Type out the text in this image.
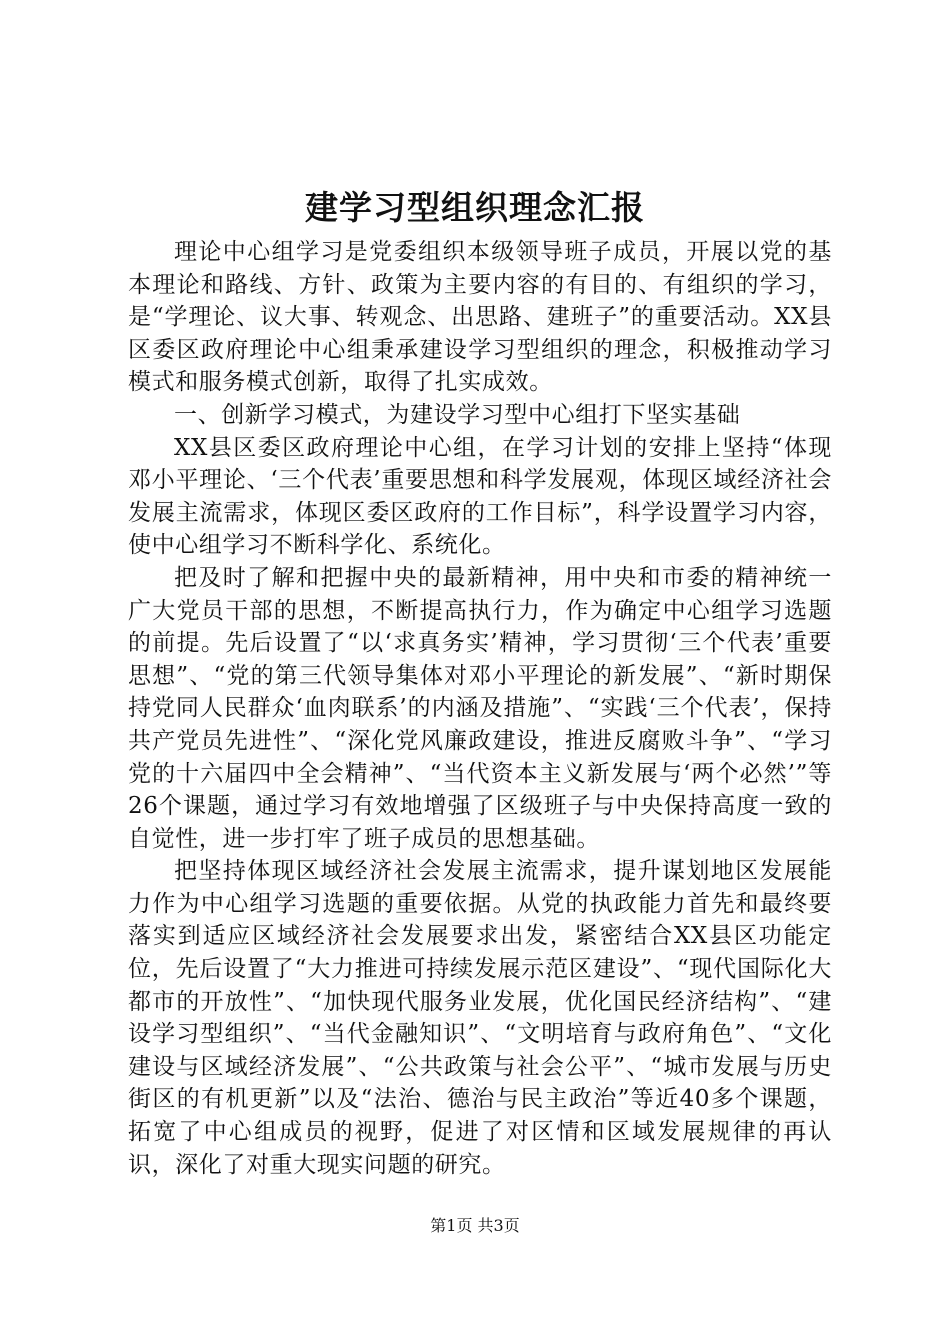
建学习型组织理念汇报

理论中心组学习是党委组织本级领导班子成员，开展以党的基本理论和路线、方针、政策为主要内容的有目的、有组织的学习，是“学理论、议大事、转观念、出思路、建班子”的重要活动。XX县区委区政府理论中心组秉承建设学习型组织的理念，积极推动学习模式和服务模式创新，取得了扎实成效。

一、创新学习模式，为建设学习型中心组打下坚实基础

XX县区委区政府理论中心组，在学习计划的安排上坚持“体现邓小平理论、‘三个代表’重要思想和科学发展观，体现区域经济社会发展主流需求，体现区委区政府的工作目标”，科学设置学习内容，使中心组学习不断科学化、系统化。

把及时了解和把握中央的最新精神，用中央和市委的精神统一广大党员干部的思想，不断提高执行力，作为确定中心组学习选题的前提。先后设置了“以‘求真务实’精神，学习贯彻‘三个代表’重要思想”、“党的第三代领导集体对邓小平理论的新发展”、“新时期保持党同人民群众‘血肉联系’的内涵及措施”、“实践‘三个代表’，保持共产党员先进性”、“深化党风廉政建设，推进反腐败斗争”、“学习党的十六届四中全会精神”、“当代资本主义新发展与‘两个必然’”等26个课题，通过学习有效地增强了区级班子与中央保持高度一致的自觉性，进一步打牢了班子成员的思想基础。

把坚持体现区域经济社会发展主流需求，提升谋划地区发展能力作为中心组学习选题的重要依据。从党的执政能力首先和最终要落实到适应区域经济社会发展要求出发，紧密结合XX县区功能定位，先后设置了“大力推进可持续发展示范区建设”、“现代国际化大都市的开放性”、“加快现代服务业发展，优化国民经济结构”、“建设学习型组织”、“当代金融知识”、“文明培育与政府角色”、“文化建设与区域经济发展”、“公共政策与社会公平”、“城市发展与历史街区的有机更新”以及“法治、德治与民主政治”等近40多个课题，拓宽了中心组成员的视野，促进了对区情和区域发展规律的再认识，深化了对重大现实问题的研究。

第1页 共3页
